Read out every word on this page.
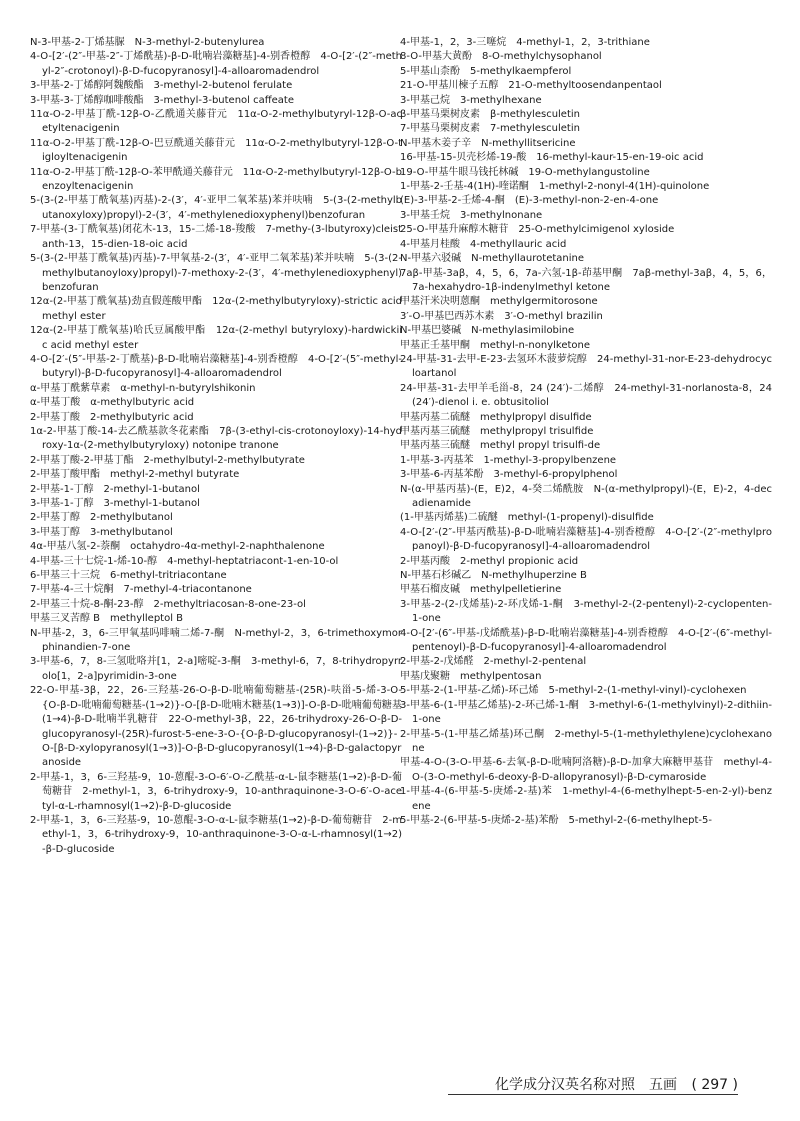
N-3-甲基-2-丁烯基脲　N-3-methyl-2-butenylurea
4-O-[2′-(2″-甲基-2″-丁烯酰基)-β-D-吡喃岩藻糖基]-4-别香橙醇　4-O-[2′-(2″-methyl-2″-crotonoyl)-β-D-fucopyranosyl]-4-alloaromadendrol
3-甲基-2-丁烯醇阿魏酸酯　3-methyl-2-butenol ferulate
3-甲基-3-丁烯醇咖啡酸酯　3-methyl-3-butenol caffeate
11α-O-2-甲基丁酰-12β-O-乙酰通关藤苷元　11α-O-2-methylbutyryl-12β-O-acetyltenacigenin
11α-O-2-甲基丁酰-12β-O-巴豆酰通关藤苷元　11α-O-2-methylbutyryl-12β-O-tigloyltenacigenin
11α-O-2-甲基丁酰-12β-O-苯甲酰通关藤苷元　11α-O-2-methylbutyryl-12β-O-benzoyltenacigenin
5-(3-(2-甲基丁酰氧基)丙基)-2-(3′，4′-亚甲二氧苯基)苯并呋喃　5-(3-(2-methylbutanoxyloxy)propyl)-2-(3′，4′-methylenedioxyphenyl)benzofuran
7-甲基-(3-丁酰氧基)闭花木-13，15-二烯-18-羧酸　7-methy-(3-lbutyroxy)cleistanth-13，15-dien-18-oic acid
5-(3-(2-甲基丁酰氧基)丙基)-7-甲氧基-2-(3′，4′-亚甲二氧苯基)苯并呋喃　5-(3-(2-methylbutanoyloxy)propyl)-7-methoxy-2-(3′，4′-methylenedioxyphenyl)benzofuran
12α-(2-甲基丁酰氧基)劲直假莲酸甲酯　12α-(2-methylbutyryloxy)-strictic acid methyl ester
12α-(2-甲基丁酰氧基)哈氏豆属酸甲酯　12α-(2-methyl butyryloxy)-hardwickiic acid methyl ester
4-O-[2′-(5″-甲基-2-丁酰基)-β-D-吡喃岩藻糖基]-4-别香橙醇　4-O-[2′-(5″-methyl-butyryl)-β-D-fucopyranosyl]-4-alloaromadendrol
α-甲基丁酰紫草素　α-methyl-n-butyrylshikonin
α-甲基丁酸　α-methylbutyric acid
2-甲基丁酸　2-methylbutyric acid
1α-2-甲基丁酸-14-去乙酰基款冬花素酯　7β-(3-ethyl-cis-crotonoyloxy)-14-hydroxy-1α-(2-methylbutyryloxy) notonipe tranone
2-甲基丁酸-2-甲基丁酯　2-methylbutyl-2-methylbutyrate
2-甲基丁酸甲酯　methyl-2-methyl butyrate
2-甲基-1-丁醇　2-methyl-1-butanol
3-甲基-1-丁醇　3-methyl-1-butanol
2-甲基丁醇　2-methylbutanol
3-甲基丁醇　3-methylbutanol
4α-甲基八氢-2-萘酮　octahydro-4α-methyl-2-naphthalenone
4-甲基-三十七烷-1-烯-10-醇　4-methyl-heptatriacont-1-en-10-ol
6-甲基三十三烷　6-methyl-tritriacontane
7-甲基-4-三十烷酮　7-methyl-4-triacontanone
2-甲基三十烷-8-酮-23-醇　2-methyltriacosan-8-one-23-ol
甲基三叉苦醇 B　methylleptol B
N-甲基-2，3，6-三甲氧基吗啡喃二烯-7-酮　N-methyl-2，3，6-trimethoxymorphinandien-7-one
3-甲基-6，7，8-三氢吡咯并[1，2-a]嘧啶-3-酮　3-methyl-6，7，8-trihydropyrrolo[1，2-a]pyrimidin-3-one
22-O-甲基-3β，22，26-三羟基-26-O-β-D-吡喃葡萄糖基-(25R)-呋甾-5-烯-3-O-{O-β-D-吡喃葡萄糖基-(1→2)}-O-[β-D-吡喃木糖基(1→3)]-O-β-D-吡喃葡萄糖基(1→4)-β-D-吡喃半乳糖苷　22-O-methyl-3β，22，26-trihydroxy-26-O-β-D-glucopyranosyl-(25R)-furost-5-ene-3-O-{O-β-D-glucopyranosyl-(1→2)}-O-[β-D-xylopyranosyl(1→3)]-O-β-D-glucopyranosyl(1→4)-β-D-galactopyranoside
2-甲基-1，3，6-三羟基-9，10-蒽醌-3-O-6′-O-乙酰基-α-L-鼠李糖基(1→2)-β-D-葡萄糖苷　2-methyl-1，3，6-trihydroxy-9，10-anthraquinone-3-O-6′-O-acetyl-α-L-rhamnosyl(1→2)-β-D-glucoside
2-甲基-1，3，6-三羟基-9，10-蒽醌-3-O-α-L-鼠李糖基(1→2)-β-D-葡萄糖苷　2-methyl-1，3，6-trihydroxy-9，10-anthraquinone-3-O-α-L-rhamnosyl(1→2)-β-D-glucoside
4-甲基-1，2，3-三噻烷　4-methyl-1，2，3-trithiane
8-O-甲基大黄酚　8-O-methylchysophanol
5-甲基山柰酚　5-methylkaempferol
21-O-甲基川楝子五醇　21-O-methyltoosendanpentaol
3-甲基己烷　3-methylhexane
β-甲基马栗树皮素　β-methylesculetin
7-甲基马栗树皮素　7-methylesculetin
N-甲基木姜子辛　N-methyllitsericine
16-甲基-15-贝壳杉烯-19-酸　16-methyl-kaur-15-en-19-oic acid
19-O-甲基牛眼马钱托林碱　19-O-methylangustoline
1-甲基-2-壬基-4(1H)-喹诺酮　1-methyl-2-nonyl-4(1H)-quinolone
(E)-3-甲基-2-壬烯-4-酮　(E)-3-methyl-non-2-en-4-one
3-甲基壬烷　3-methylnonane
25-O-甲基升麻醇木糖苷　25-O-methylcimigenol xyloside
4-甲基月桂酸　4-methyllauric acid
N-甲基六驳碱　N-methyllaurotetanine
7aβ-甲基-3aβ，4，5，6，7a-六氢-1β-茚基甲酮　7aβ-methyl-3aβ，4，5，6，7a-hexahydro-1β-indenylmethyl ketone
甲基汗米决明蒽酮　methylgermitorosone
3′-O-甲基巴西苏木素　3′-O-methyl brazilin
N-甲基巴婆碱　N-methylasimilobine
甲基正壬基甲酮　methyl-n-nonylketone
24-甲基-31-去甲-E-23-去氢环木菠萝烷醇　24-methyl-31-nor-E-23-dehydrocycloartanol
24-甲基-31-去甲羊毛甾-8，24 (24′)-二烯醇　24-methyl-31-norlanosta-8，24(24′)-dienol i. e. obtusitoliol
甲基丙基二硫醚　methylpropyl disulfide
甲基丙基三硫醚　methylpropyl trisulfide
甲基丙基三硫醚　methyl propyl trisulfi-de
1-甲基-3-丙基苯　1-methyl-3-propylbenzene
3-甲基-6-丙基苯酚　3-methyl-6-propylphenol
N-(α-甲基丙基)-(E，E)2，4-癸二烯酰胺　N-(α-methylpropyl)-(E，E)-2，4-decadienamide
(1-甲基丙烯基)二硫醚　methyl-(1-propenyl)-disulfide
4-O-[2′-(2″-甲基丙酰基)-β-D-吡喃岩藻糖基]-4-别香橙醇　4-O-[2′-(2″-methylpropanoyl)-β-D-fucopyranosyl]-4-alloaromadendrol
2-甲基丙酸　2-methyl propionic acid
N-甲基石杉碱乙　N-methylhuperzine B
甲基石榴皮碱　methylpelletierine
3-甲基-2-(2-戊烯基)-2-环戊烯-1-酮　3-methyl-2-(2-pentenyl)-2-cyclopenten-1-one
4-O-[2′-(6″-甲基-戊烯酰基)-β-D-吡喃岩藻糖基]-4-别香橙醇　4-O-[2′-(6″-methyl-pentenoyl)-β-D-fucopyranosyl]-4-alloaromadendrol
2-甲基-2-戊烯醛　2-methyl-2-pentenal
甲基戊聚糖　methylpentosan
5-甲基-2-(1-甲基-乙烯)-环己烯　5-methyl-2-(1-methyl-vinyl)-cyclohexen
3-甲基-6-(1-甲基乙烯基)-2-环己烯-1-酮　3-methyl-6-(1-methylvinyl)-2-dithiin-1-one
2-甲基-5-(1-甲基乙烯基)环己酮　2-methyl-5-(1-methylethylene)cyclohexanone
甲基-4-O-(3-O-甲基-6-去氧-β-D-吡喃阿洛糖)-β-D-加拿大麻糖甲基苷　methyl-4-O-(3-O-methyl-6-deoxy-β-D-allopyranosyl)-β-D-cymaroside
1-甲基-4-(6-甲基-5-庚烯-2-基)苯　1-methyl-4-(6-methylhept-5-en-2-yl)-benzene
5-甲基-2-(6-甲基-5-庚烯-2-基)苯酚　5-methyl-2-(6-methylhept-5-
化学成分汉英名称对照　五画 ( 297 )
